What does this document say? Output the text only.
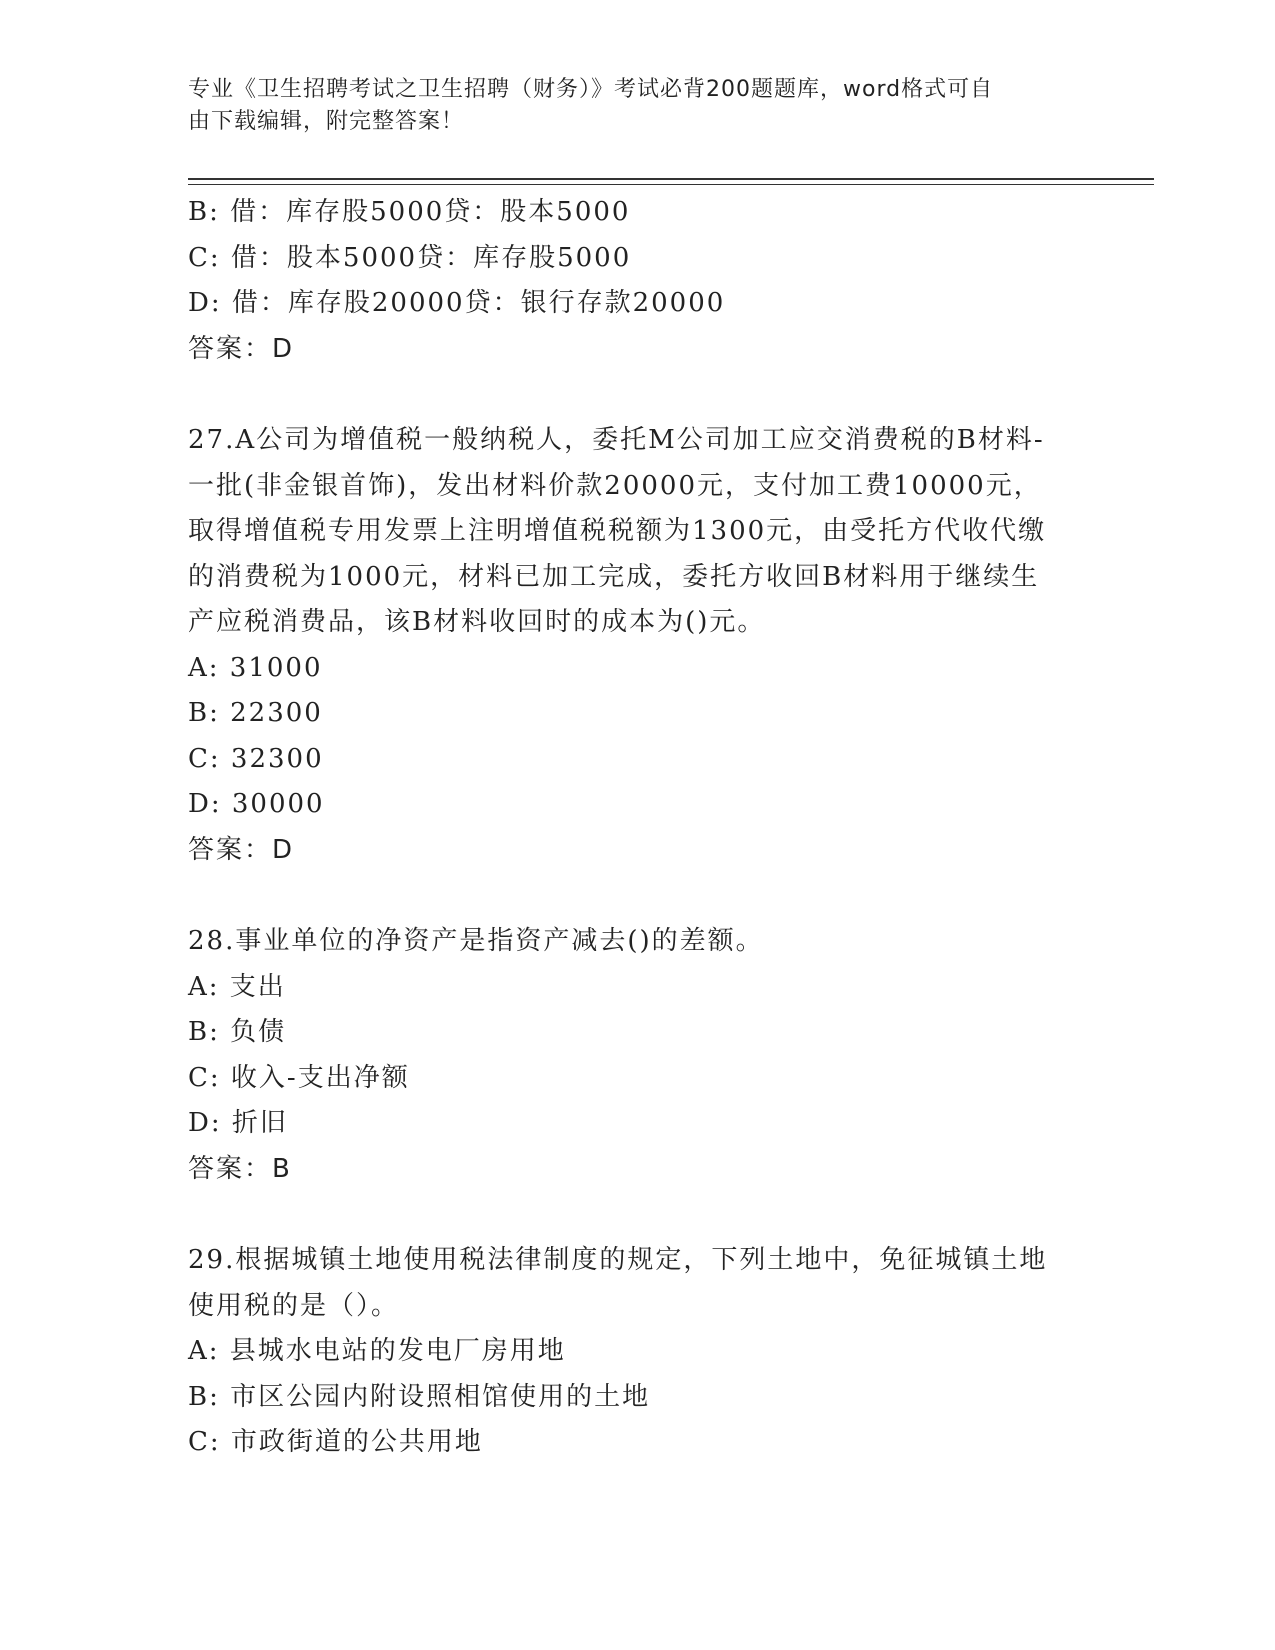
专业《卫生招聘考试之卫生招聘（财务）》考试必背200题题库，word格式可自
由下载编辑，附完整答案！
B: 借：库存股5000贷：股本5000
C: 借：股本5000贷：库存股5000
D: 借：库存股20000贷：银行存款20000
答案：D
27.A公司为增值税一般纳税人，委托M公司加工应交消费税的B材料-
一批(非金银首饰)，发出材料价款20000元，支付加工费10000元，
取得增值税专用发票上注明增值税税额为1300元，由受托方代收代缴
的消费税为1000元，材料已加工完成，委托方收回B材料用于继续生
产应税消费品，该B材料收回时的成本为()元。
A: 31000
B: 22300
C: 32300
D: 30000
答案：D
28.事业单位的净资产是指资产减去()的差额。
A: 支出
B: 负债
C: 收入-支出净额
D: 折旧
答案：B
29.根据城镇土地使用税法律制度的规定，下列土地中，免征城镇土地
使用税的是（）。
A: 县城水电站的发电厂房用地
B: 市区公园内附设照相馆使用的土地
C: 市政街道的公共用地
